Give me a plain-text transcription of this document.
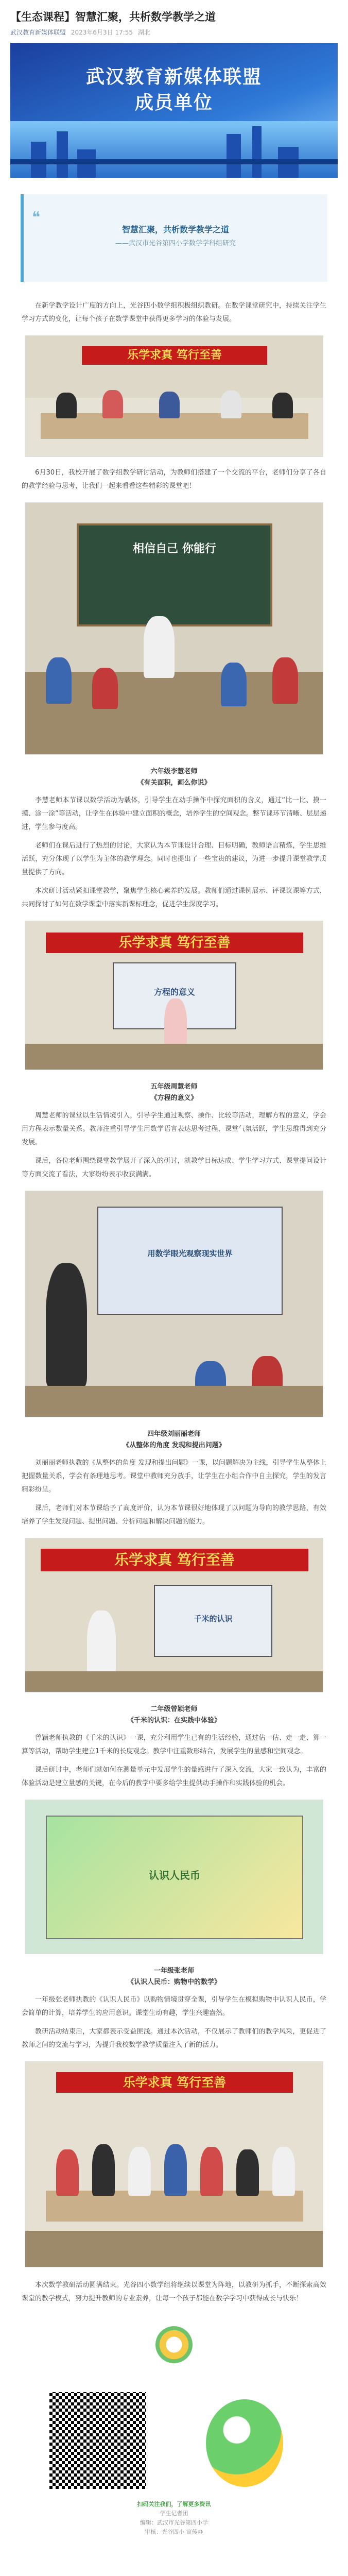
【生态课程】智慧汇聚，共析数学教学之道
武汉教育新媒体联盟 2023年6月3日 17:55 湖北
武汉教育新媒体联盟
成员单位
❝
智慧汇聚，共析数学教学之道
——武汉市光谷第四小学数学学科组研究

在新学教学设计广度的方向上，光谷四小数学组积极组织教研。在数学课堂研究中，持续关注学生学习方式的变化，让每个孩子在数学课堂中获得更多学习的体验与发展。

乐学求真 笃行至善

6月30日，我校开展了数学组教学研讨活动，为教师们搭建了一个交流的平台，老师们分享了各自的教学经验与思考，让我们一起来看看这些精彩的课堂吧！

相信自己 你能行
六年级李慧老师
《有关面积，画么你说》

李慧老师本节课以数学活动为载体，引导学生在动手操作中探究面积的含义，通过“比一比、摸一摸、涂一涂”等活动，让学生在体验中建立面积的概念，培养学生的空间观念。整节课环节清晰、层层递进，学生参与度高。

老师们在课后进行了热烈的讨论，大家认为本节课设计合理、目标明确，教师语言精炼，学生思维活跃，充分体现了以学生为主体的教学理念。同时也提出了一些宝贵的建议，为进一步提升课堂教学质量提供了方向。

本次研讨活动紧扣课堂教学，聚焦学生核心素养的发展。教师们通过课例展示、评课议课等方式，共同探讨了如何在数学课堂中落实新课标理念，促进学生深度学习。

乐学求真 笃行至善
方程的意义
五年级周慧老师
《方程的意义》

周慧老师的课堂以生活情境引入，引导学生通过观察、操作、比较等活动，理解方程的意义，学会用方程表示数量关系。教师注重引导学生用数学语言表达思考过程，课堂气氛活跃，学生思维得到充分发展。

课后，各位老师围绕课堂教学展开了深入的研讨，就教学目标达成、学生学习方式、课堂提问设计等方面交流了看法，大家纷纷表示收获满满。

用数学眼光观察现实世界
四年级刘丽丽老师
《从整体的角度 发现和提出问题》

刘丽丽老师执教的《从整体的角度 发现和提出问题》一课，以问题解决为主线，引导学生从整体上把握数量关系，学会有条理地思考。课堂中教师充分放手，让学生在小组合作中自主探究，学生的发言精彩纷呈。

课后，老师们对本节课给予了高度评价，认为本节课很好地体现了以问题为导向的教学思路，有效培养了学生发现问题、提出问题、分析问题和解决问题的能力。

乐学求真 笃行至善
千米的认识
二年级曾颖老师
《千米的认识：在实践中体验》

曾颖老师执教的《千米的认识》一课，充分利用学生已有的生活经验，通过估一估、走一走、算一算等活动，帮助学生建立1千米的长度观念。教学中注重数形结合，发展学生的量感和空间观念。

课后研讨中，老师们就如何在测量单元中发展学生的量感进行了深入交流，大家一致认为，丰富的体验活动是建立量感的关键，在今后的教学中要多给学生提供动手操作和实践体验的机会。

认识人民币
一年级张老师
《认识人民币：购物中的数学》

一年级张老师执教的《认识人民币》以购物情境贯穿全课，引导学生在模拟购物中认识人民币，学会简单的计算，培养学生的应用意识。课堂生动有趣，学生兴趣盎然。

教研活动结束后，大家都表示受益匪浅。通过本次活动，不仅展示了教师们的教学风采，更促进了教师之间的交流与学习，为提升我校数学教学质量注入了新的活力。

乐学求真 笃行至善

本次数学教研活动圆满结束。光谷四小数学组将继续以课堂为阵地，以教研为抓手，不断探索高效课堂的教学模式，努力提升教师的专业素养，让每一个孩子都能在数学学习中获得成长与快乐！

扫码关注我们，了解更多资讯
学生记者团
编辑：武汉市光谷第四小学
审核：光谷四小 宣传办
